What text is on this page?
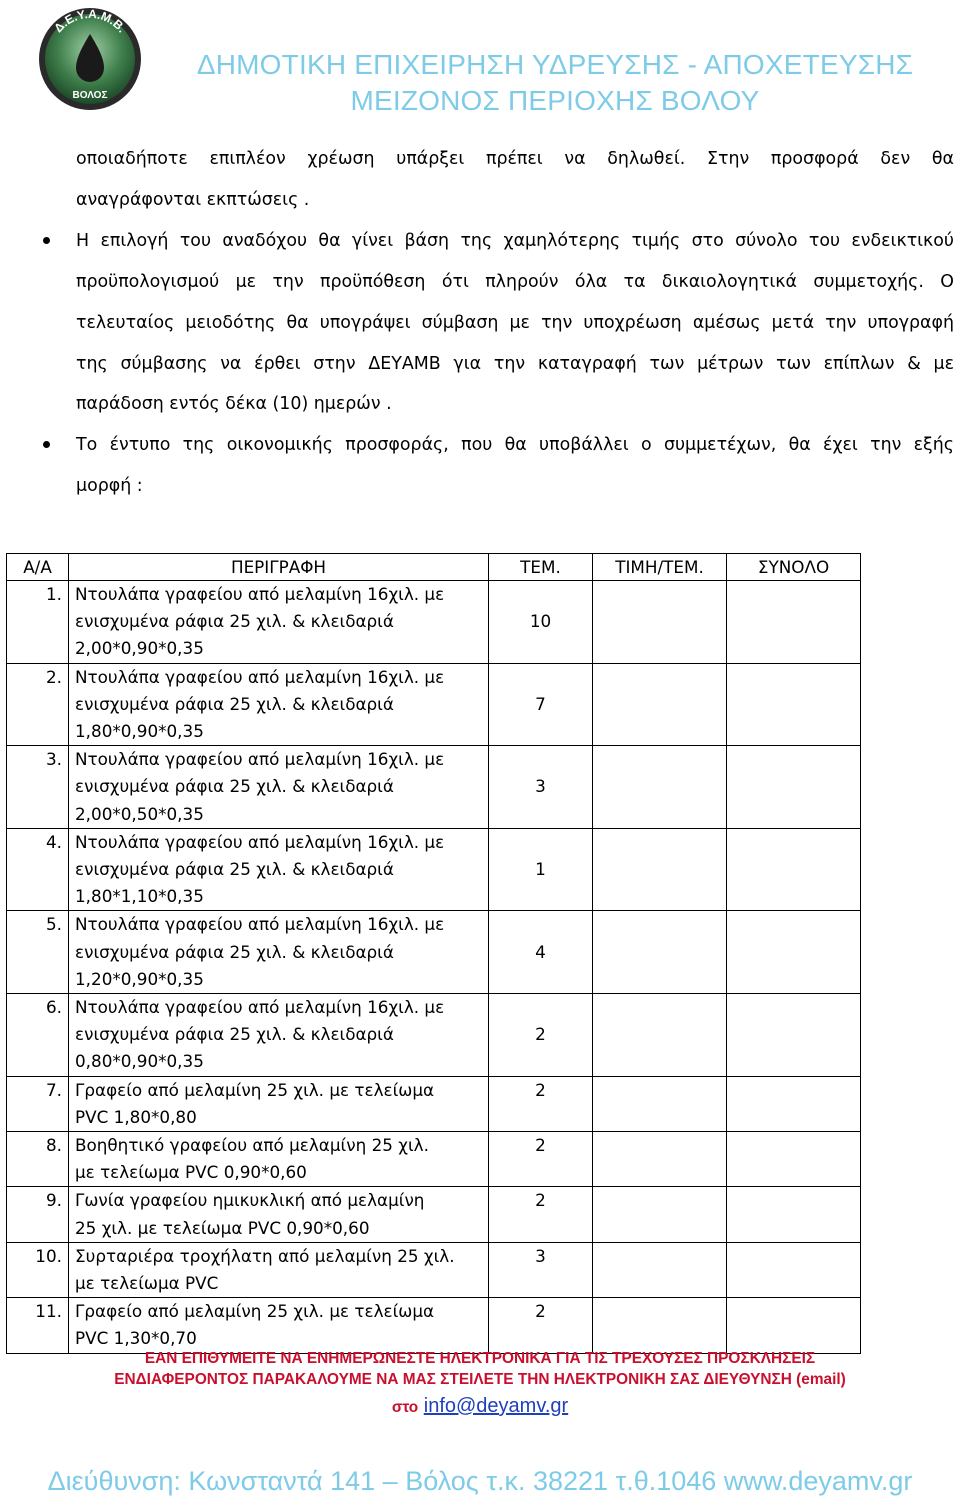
Δ.Ε.Υ.Α.Μ.Β.
ΒΟΛΟΣ
ΔΗΜΟΤΙΚΗ ΕΠΙΧΕΙΡΗΣΗ ΥΔΡΕΥΣΗΣ - ΑΠΟΧΕΤΕΥΣΗΣ
ΜΕΙΖΟΝΟΣ ΠΕΡΙΟΧΗΣ ΒΟΛΟΥ
οποιαδήποτε επιπλέον χρέωση υπάρξει πρέπει να δηλωθεί. Στην προσφορά δεν θα
αναγράφονται εκπτώσεις .
Η επιλογή του αναδόχου θα γίνει βάση της χαμηλότερης τιμής στο σύνολο του ενδεικτικού
προϋπολογισμού με την προϋπόθεση ότι πληρούν όλα τα δικαιολογητικά συμμετοχής. Ο
τελευταίος μειοδότης θα υπογράψει σύμβαση με την υποχρέωση αμέσως μετά την υπογραφή
της σύμβασης να έρθει στην ΔΕΥΑΜΒ για την καταγραφή των μέτρων των επίπλων & με
παράδοση εντός δέκα (10) ημερών .
Το έντυπο της οικονομικής προσφοράς, που θα υποβάλλει ο συμμετέχων, θα έχει την εξής
μορφή :
Α/Α	ΠΕΡΙΓΡΑΦΗ	ΤΕΜ.	ΤΙΜΗ/ΤΕΜ.	ΣΥΝΟΛΟ
1.	Ντουλάπα γραφείου από μελαμίνη 16χιλ. με
ενισχυμένα ράφια 25 χιλ. & κλειδαριά
2,00*0,90*0,35	10		
2.	Ντουλάπα γραφείου από μελαμίνη 16χιλ. με
ενισχυμένα ράφια 25 χιλ. & κλειδαριά
1,80*0,90*0,35	7		
3.	Ντουλάπα γραφείου από μελαμίνη 16χιλ. με
ενισχυμένα ράφια 25 χιλ. & κλειδαριά
2,00*0,50*0,35	3		
4.	Ντουλάπα γραφείου από μελαμίνη 16χιλ. με
ενισχυμένα ράφια 25 χιλ. & κλειδαριά
1,80*1,10*0,35	1		
5.	Ντουλάπα γραφείου από μελαμίνη 16χιλ. με
ενισχυμένα ράφια 25 χιλ. & κλειδαριά
1,20*0,90*0,35	4		
6.	Ντουλάπα γραφείου από μελαμίνη 16χιλ. με
ενισχυμένα ράφια 25 χιλ. & κλειδαριά
0,80*0,90*0,35	2		
7.	Γραφείο από μελαμίνη 25 χιλ. με τελείωμα
PVC 1,80*0,80	2		
8.	Βοηθητικό γραφείου από μελαμίνη 25 χιλ.
με τελείωμα PVC 0,90*0,60	2		
9.	Γωνία γραφείου ημικυκλική από μελαμίνη
25 χιλ. με τελείωμα PVC 0,90*0,60	2		
10.	Συρταριέρα τροχήλατη από μελαμίνη 25 χιλ.
με τελείωμα PVC	3		
11.	Γραφείο από μελαμίνη 25 χιλ. με τελείωμα
PVC 1,30*0,70	2		
ΕΑΝ ΕΠΙΘΥΜΕΙΤΕ ΝΑ ΕΝΗΜΕΡΩΝΕΣΤΕ ΗΛΕΚΤΡΟΝΙΚΑ ΓΙΑ ΤΙΣ ΤΡΕΧΟΥΣΕΣ ΠΡΟΣΚΛΗΣΕΙΣ
ΕΝΔΙΑΦΕΡΟΝΤΟΣ ΠΑΡΑΚΑΛΟΥΜΕ ΝΑ ΜΑΣ ΣΤΕΙΛΕΤΕ ΤΗΝ ΗΛΕΚΤΡΟΝΙΚΗ ΣΑΣ ΔΙΕΥΘΥΝΣΗ (email)
στο info@deyamv.gr
Διεύθυνση: Κωνσταντά 141 – Βόλος τ.κ. 38221 τ.θ.1046 www.deyamv.gr
